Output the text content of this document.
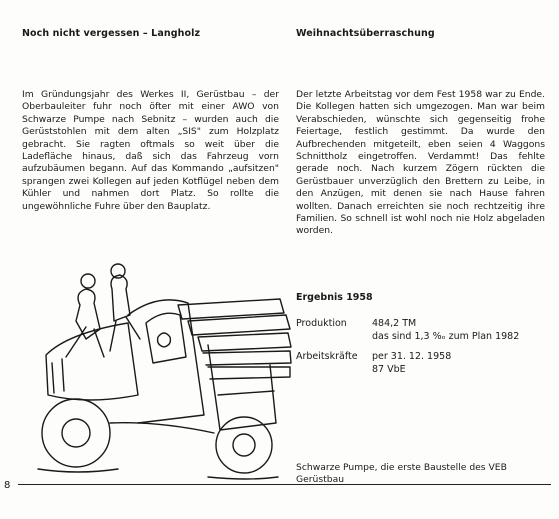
Noch nicht vergessen – Langholz

Im Gründungsjahr des Werkes II, Gerüstbau – der Oberbauleiter fuhr noch öfter mit einer AWO von Schwarze Pumpe nach Sebnitz – wurden auch die Gerüststohlen mit dem alten „SIS" zum Holzplatz gebracht. Sie ragten oftmals so weit über die Ladefläche hinaus, daß sich das Fahrzeug vorn aufzubäumen begann. Auf das Kommando „aufsitzen" sprangen zwei Kollegen auf jeden Kotflügel neben dem Kühler und nahmen dort Platz. So rollte die ungewöhnliche Fuhre über den Bauplatz.

Weihnachtsüberraschung

Der letzte Arbeitstag vor dem Fest 1958 war zu Ende. Die Kollegen hatten sich umgezogen. Man war beim Verabschieden, wünschte sich gegenseitig frohe Feiertage, festlich gestimmt. Da wurde den Aufbrechenden mitgeteilt, eben seien 4 Waggons Schnittholz eingetroffen. Verdammt! Das fehlte gerade noch. Nach kurzem Zögern rückten die Gerüstbauer unverzüglich den Brettern zu Leibe, in den Anzügen, mit denen sie nach Hause fahren wollten. Danach erreichten sie noch rechtzeitig ihre Familien. So schnell ist wohl noch nie Holz abgeladen worden.

Ergebnis 1958
Produktion	484,2 TM
das sind 1,3 %ₒ zum Plan 1982
Arbeitskräfte per 31. 12. 1958
87 VbE
Schwarze Pumpe, die erste Baustelle des VEB Gerüstbau
8
